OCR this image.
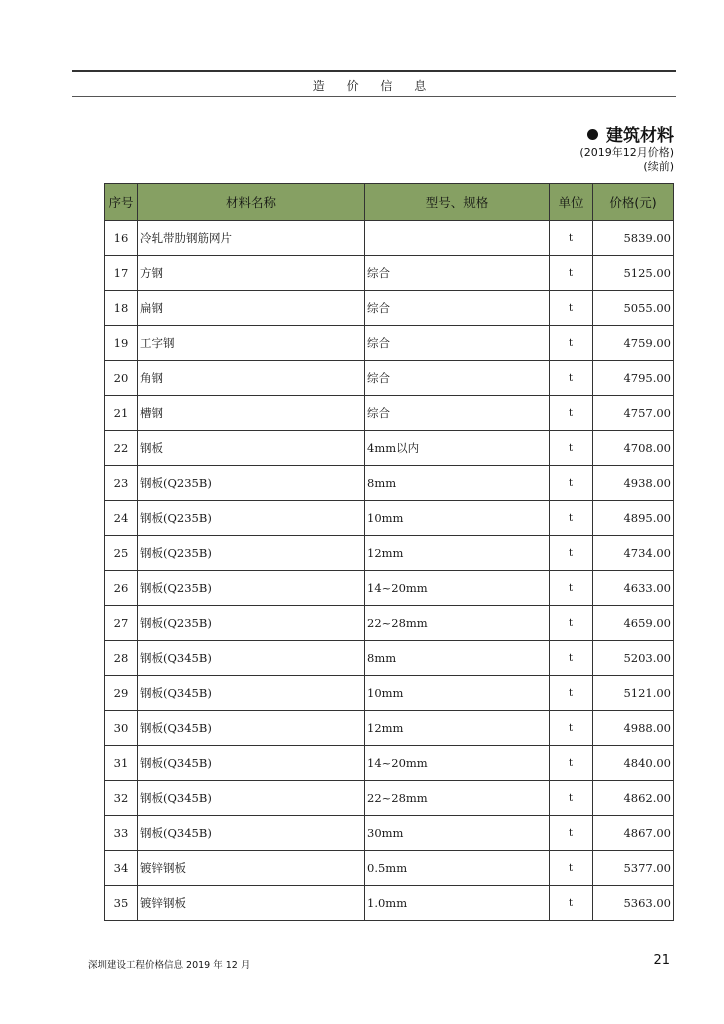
造 价 信 息
建筑材料
(2019年12月价格)
(续前)
序号	材料名称	型号、规格	单位	价格(元)
16	冷轧带肋钢筋网片		t	5839.00
17	方钢	综合	t	5125.00
18	扁钢	综合	t	5055.00
19	工字钢	综合	t	4759.00
20	角钢	综合	t	4795.00
21	槽钢	综合	t	4757.00
22	钢板	4mm以内	t	4708.00
23	钢板(Q235B)	8mm	t	4938.00
24	钢板(Q235B)	10mm	t	4895.00
25	钢板(Q235B)	12mm	t	4734.00
26	钢板(Q235B)	14~20mm	t	4633.00
27	钢板(Q235B)	22~28mm	t	4659.00
28	钢板(Q345B)	8mm	t	5203.00
29	钢板(Q345B)	10mm	t	5121.00
30	钢板(Q345B)	12mm	t	4988.00
31	钢板(Q345B)	14~20mm	t	4840.00
32	钢板(Q345B)	22~28mm	t	4862.00
33	钢板(Q345B)	30mm	t	4867.00
34	镀锌钢板	0.5mm	t	5377.00
35	镀锌钢板	1.0mm	t	5363.00
深圳建设工程价格信息 2019 年 12 月	21
